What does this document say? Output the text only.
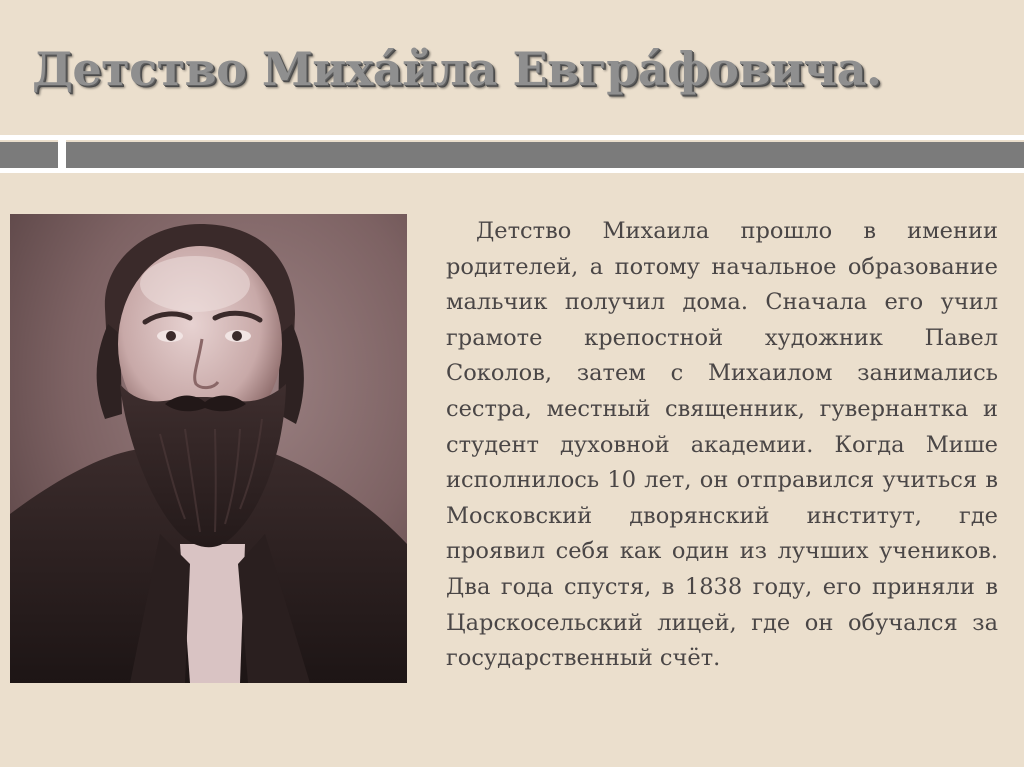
Детство Миха́йла Евгра́фовича.

Детство Михаила прошло в имении родителей, а потому начальное образование мальчик получил дома. Сначала его учил грамоте крепостной художник Павел Соколов, затем с Михаилом занимались сестра, местный священник, гувернантка и студент духовной академии. Когда Мише исполнилось 10 лет, он отправился учиться в Московский дворянский институт, где проявил себя как один из лучших учеников. Два года спустя, в 1838 году, его приняли в Царскосельский лицей, где он обучался за государственный счёт.
